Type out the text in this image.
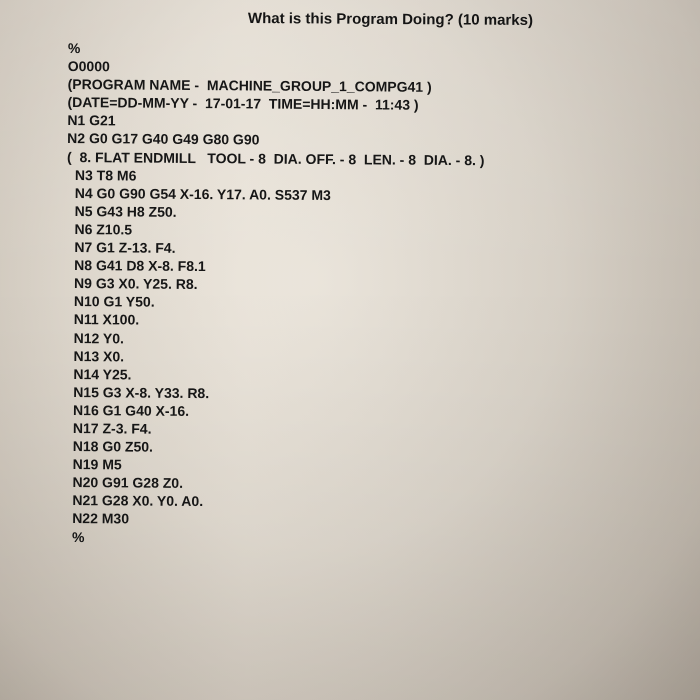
What is this Program Doing? (10 marks)
%
O0000
(PROGRAM NAME -  MACHINE_GROUP_1_COMPG41 )
(DATE=DD-MM-YY -  17-01-17  TIME=HH:MM -  11:43 )
N1 G21
N2 G0 G17 G40 G49 G80 G90
(  8. FLAT ENDMILL   TOOL - 8  DIA. OFF. - 8  LEN. - 8  DIA. - 8. )
N3 T8 M6
N4 G0 G90 G54 X-16. Y17. A0. S537 M3
N5 G43 H8 Z50.
N6 Z10.5
N7 G1 Z-13. F4.
N8 G41 D8 X-8. F8.1
N9 G3 X0. Y25. R8.
N10 G1 Y50.
N11 X100.
N12 Y0.
N13 X0.
N14 Y25.
N15 G3 X-8. Y33. R8.
N16 G1 G40 X-16.
N17 Z-3. F4.
N18 G0 Z50.
N19 M5
N20 G91 G28 Z0.
N21 G28 X0. Y0. A0.
N22 M30
%
